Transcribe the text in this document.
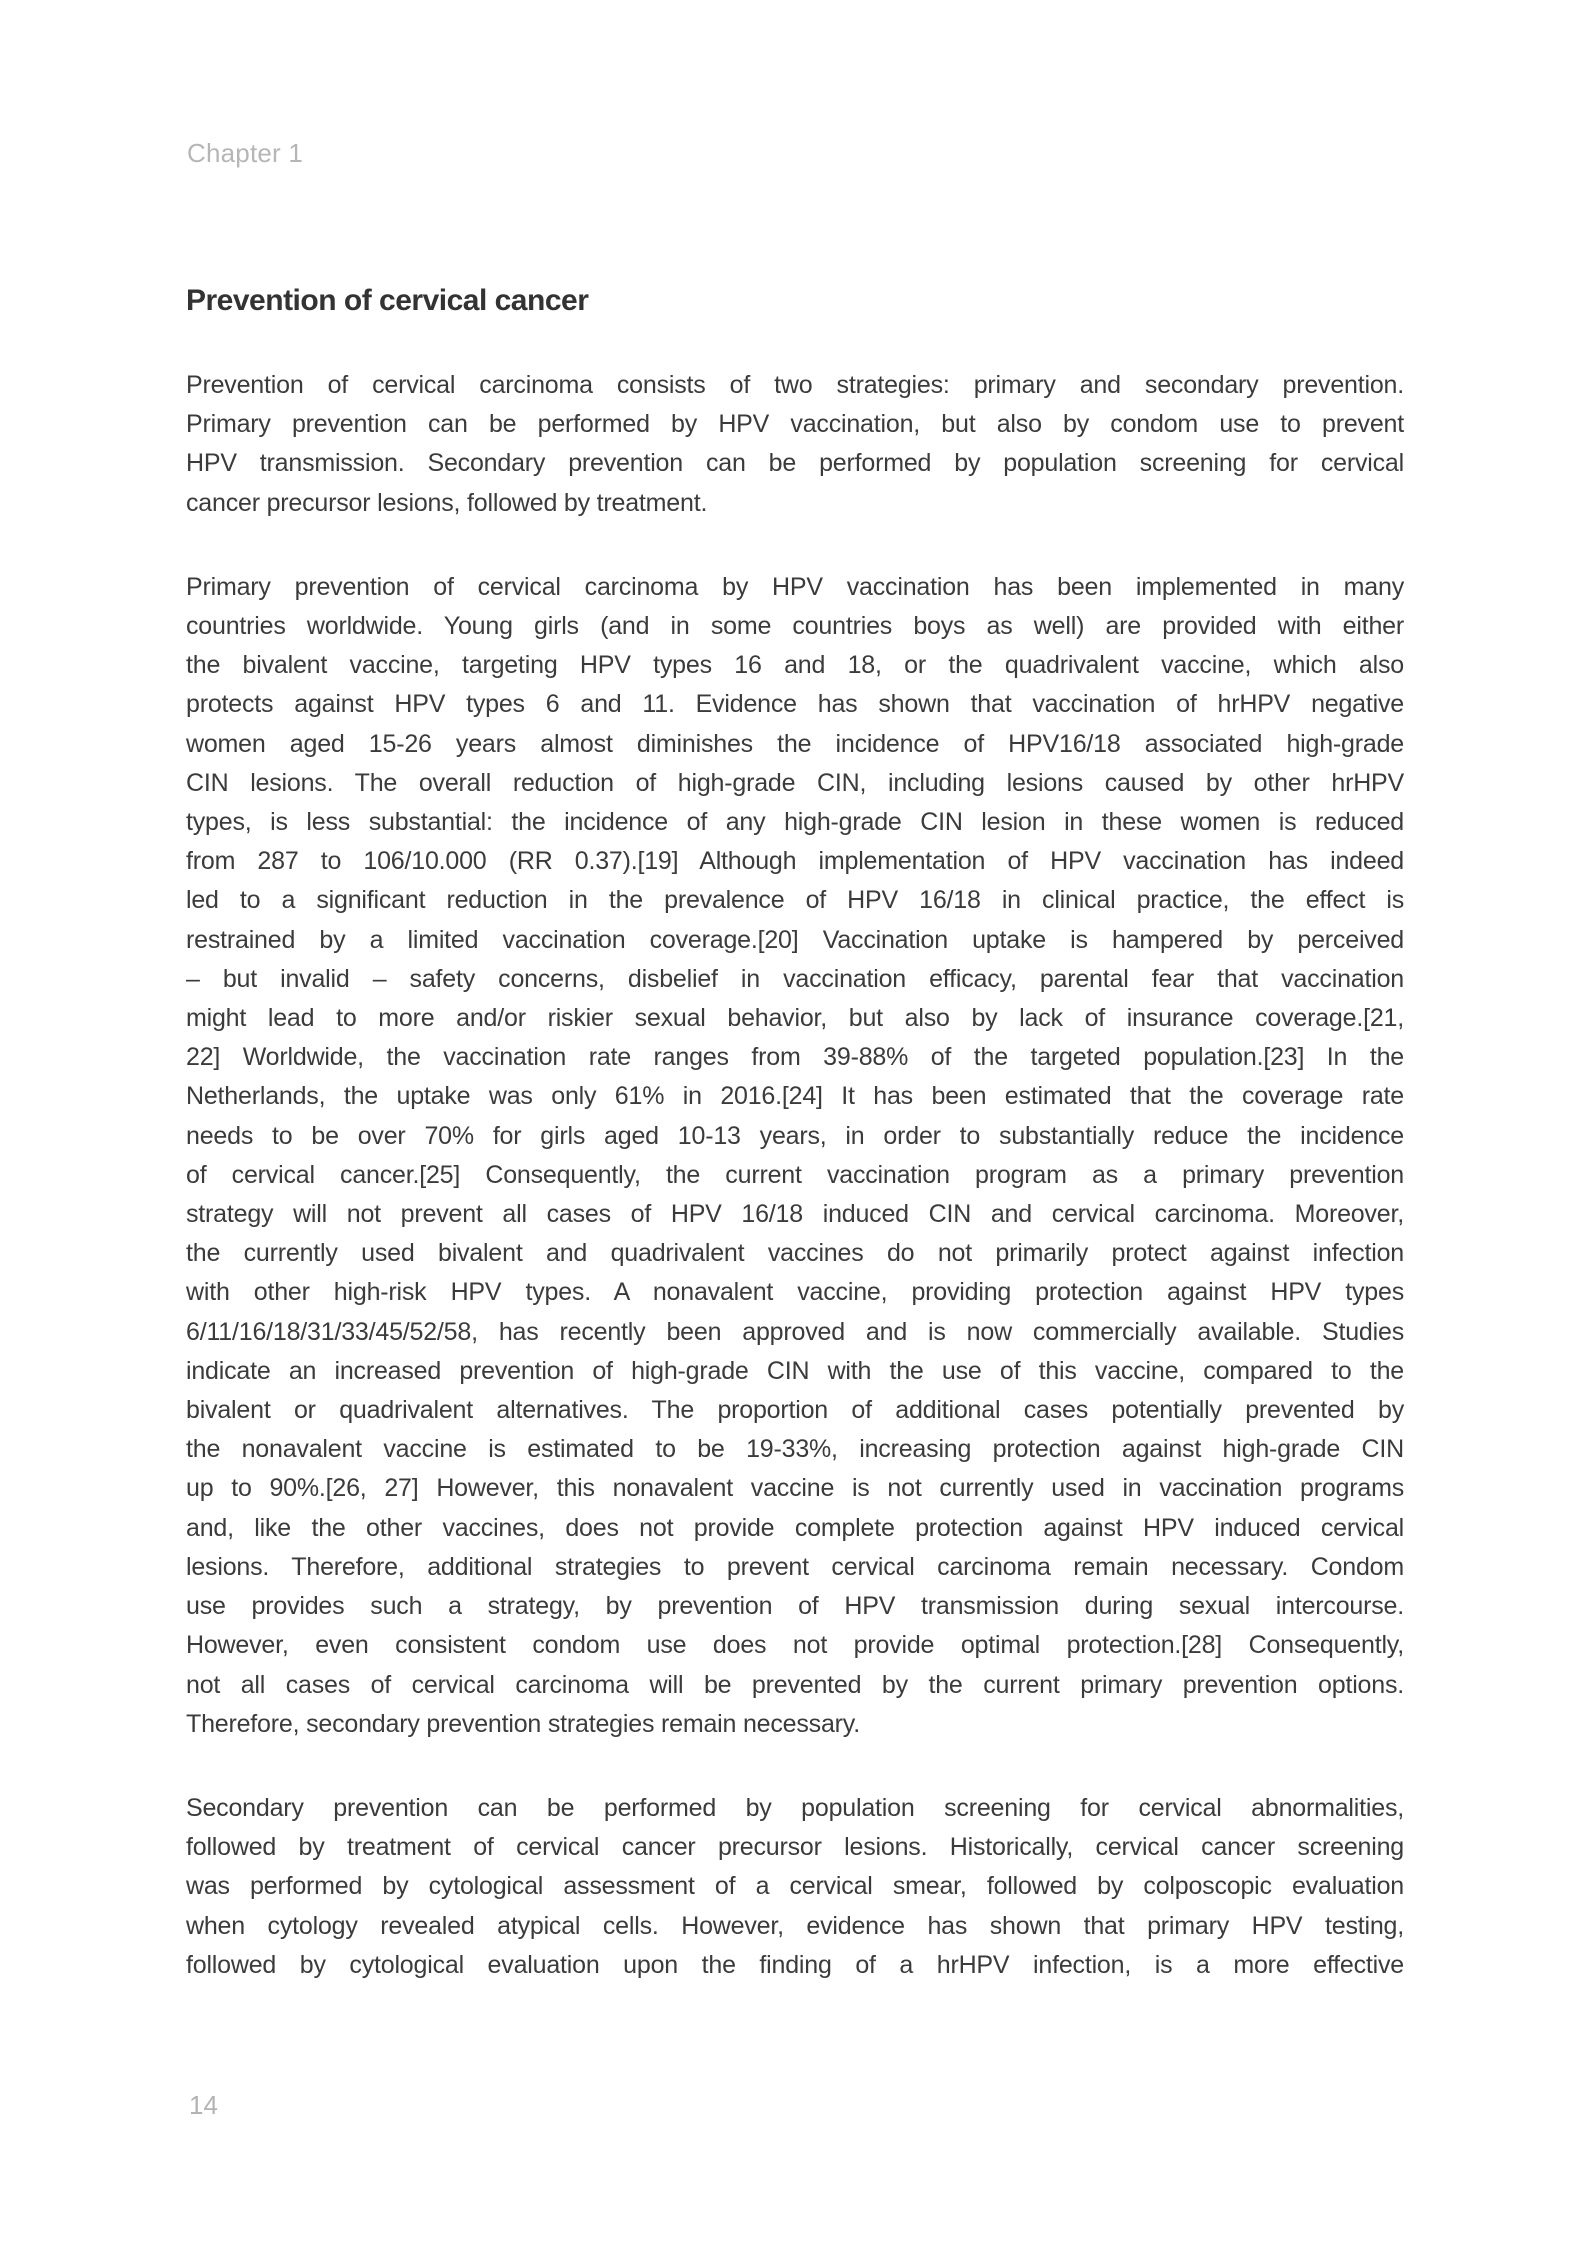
Chapter 1
Prevention of cervical cancer
Prevention of cervical carcinoma consists of two strategies: primary and secondary prevention.
Primary prevention can be performed by HPV vaccination, but also by condom use to prevent
HPV transmission. Secondary prevention can be performed by population screening for cervical
cancer precursor lesions, followed by treatment.
Primary prevention of cervical carcinoma by HPV vaccination has been implemented in many
countries worldwide. Young girls (and in some countries boys as well) are provided with either
the bivalent vaccine, targeting HPV types 16 and 18, or the quadrivalent vaccine, which also
protects against HPV types 6 and 11. Evidence has shown that vaccination of hrHPV negative
women aged 15-26 years almost diminishes the incidence of HPV16/18 associated high-grade
CIN lesions. The overall reduction of high-grade CIN, including lesions caused by other hrHPV
types, is less substantial: the incidence of any high-grade CIN lesion in these women is reduced
from 287 to 106/10.000 (RR 0.37).[19] Although implementation of HPV vaccination has indeed
led to a significant reduction in the prevalence of HPV 16/18 in clinical practice, the effect is
restrained by a limited vaccination coverage.[20] Vaccination uptake is hampered by perceived
– but invalid – safety concerns, disbelief in vaccination efficacy, parental fear that vaccination
might lead to more and/or riskier sexual behavior, but also by lack of insurance coverage.[21,
22] Worldwide, the vaccination rate ranges from 39-88% of the targeted population.[23] In the
Netherlands, the uptake was only 61% in 2016.[24] It has been estimated that the coverage rate
needs to be over 70% for girls aged 10-13 years, in order to substantially reduce the incidence
of cervical cancer.[25] Consequently, the current vaccination program as a primary prevention
strategy will not prevent all cases of HPV 16/18 induced CIN and cervical carcinoma. Moreover,
the currently used bivalent and quadrivalent vaccines do not primarily protect against infection
with other high-risk HPV types. A nonavalent vaccine, providing protection against HPV types
6/11/16/18/31/33/45/52/58, has recently been approved and is now commercially available. Studies
indicate an increased prevention of high-grade CIN with the use of this vaccine, compared to the
bivalent or quadrivalent alternatives. The proportion of additional cases potentially prevented by
the nonavalent vaccine is estimated to be 19-33%, increasing protection against high-grade CIN
up to 90%.[26, 27] However, this nonavalent vaccine is not currently used in vaccination programs
and, like the other vaccines, does not provide complete protection against HPV induced cervical
lesions. Therefore, additional strategies to prevent cervical carcinoma remain necessary. Condom
use provides such a strategy, by prevention of HPV transmission during sexual intercourse.
However, even consistent condom use does not provide optimal protection.[28] Consequently,
not all cases of cervical carcinoma will be prevented by the current primary prevention options.
Therefore, secondary prevention strategies remain necessary.
Secondary prevention can be performed by population screening for cervical abnormalities,
followed by treatment of cervical cancer precursor lesions. Historically, cervical cancer screening
was performed by cytological assessment of a cervical smear, followed by colposcopic evaluation
when cytology revealed atypical cells. However, evidence has shown that primary HPV testing,
followed by cytological evaluation upon the finding of a hrHPV infection, is a more effective
14
